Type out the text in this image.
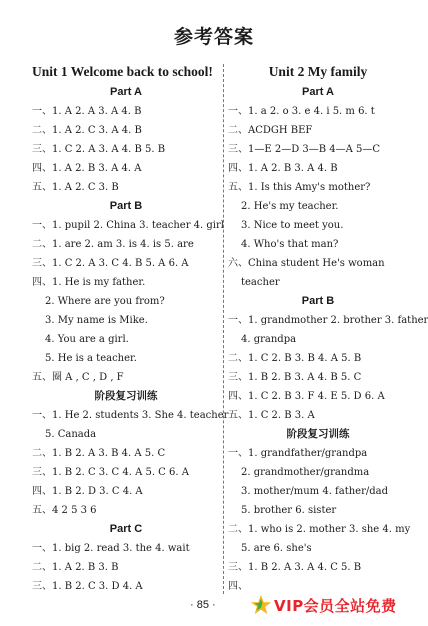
参考答案
Unit 1 Welcome back to school!
Part A
一、1. A 2. A 3. A 4. B
二、1. A 2. C 3. A 4. B
三、1. C 2. A 3. A 4. B 5. B
四、1. A 2. B 3. A 4. A
五、1. A 2. C 3. B
Part B
一、1. pupil 2. China 3. teacher 4. girl
二、1. are 2. am 3. is 4. is 5. are
三、1. C 2. A 3. C 4. B 5. A 6. A
四、1. He is my father.
2. Where are you from?
3. My name is Mike.
4. You are a girl.
5. He is a teacher.
五、圈 A , C , D , F
阶段复习训练
一、1. He 2. students 3. She 4. teacher
5. Canada
二、1. B 2. A 3. B 4. A 5. C
三、1. B 2. C 3. C 4. A 5. C 6. A
四、1. B 2. D 3. C 4. A
五、4 2 5 3 6
Part C
一、1. big 2. read 3. the 4. wait
二、1. A 2. B 3. B
三、1. B 2. C 3. D 4. A
Unit 2 My family
Part A
一、1. a 2. o 3. e 4. i 5. m 6. t
二、ACDGH BEF
三、1—E 2—D 3—B 4—A 5—C
四、1. A 2. B 3. A 4. B
五、1. Is this Amy's mother?
2. He's my teacher.
3. Nice to meet you.
4. Who's that man?
六、China student He's woman
teacher
Part B
一、1. grandmother 2. brother 3. father
4. grandpa
二、1. C 2. B 3. B 4. A 5. B
三、1. B 2. B 3. A 4. B 5. C
四、1. C 2. B 3. F 4. E 5. D 6. A
五、1. C 2. B 3. A
阶段复习训练
一、1. grandfather/grandpa
2. grandmother/grandma
3. mother/mum 4. father/dad
5. brother 6. sister
二、1. who is 2. mother 3. she 4. my
5. are 6. she's
三、1. B 2. A 3. A 4. C 5. B
四、
· 85 ·	VIP会员全站免费
